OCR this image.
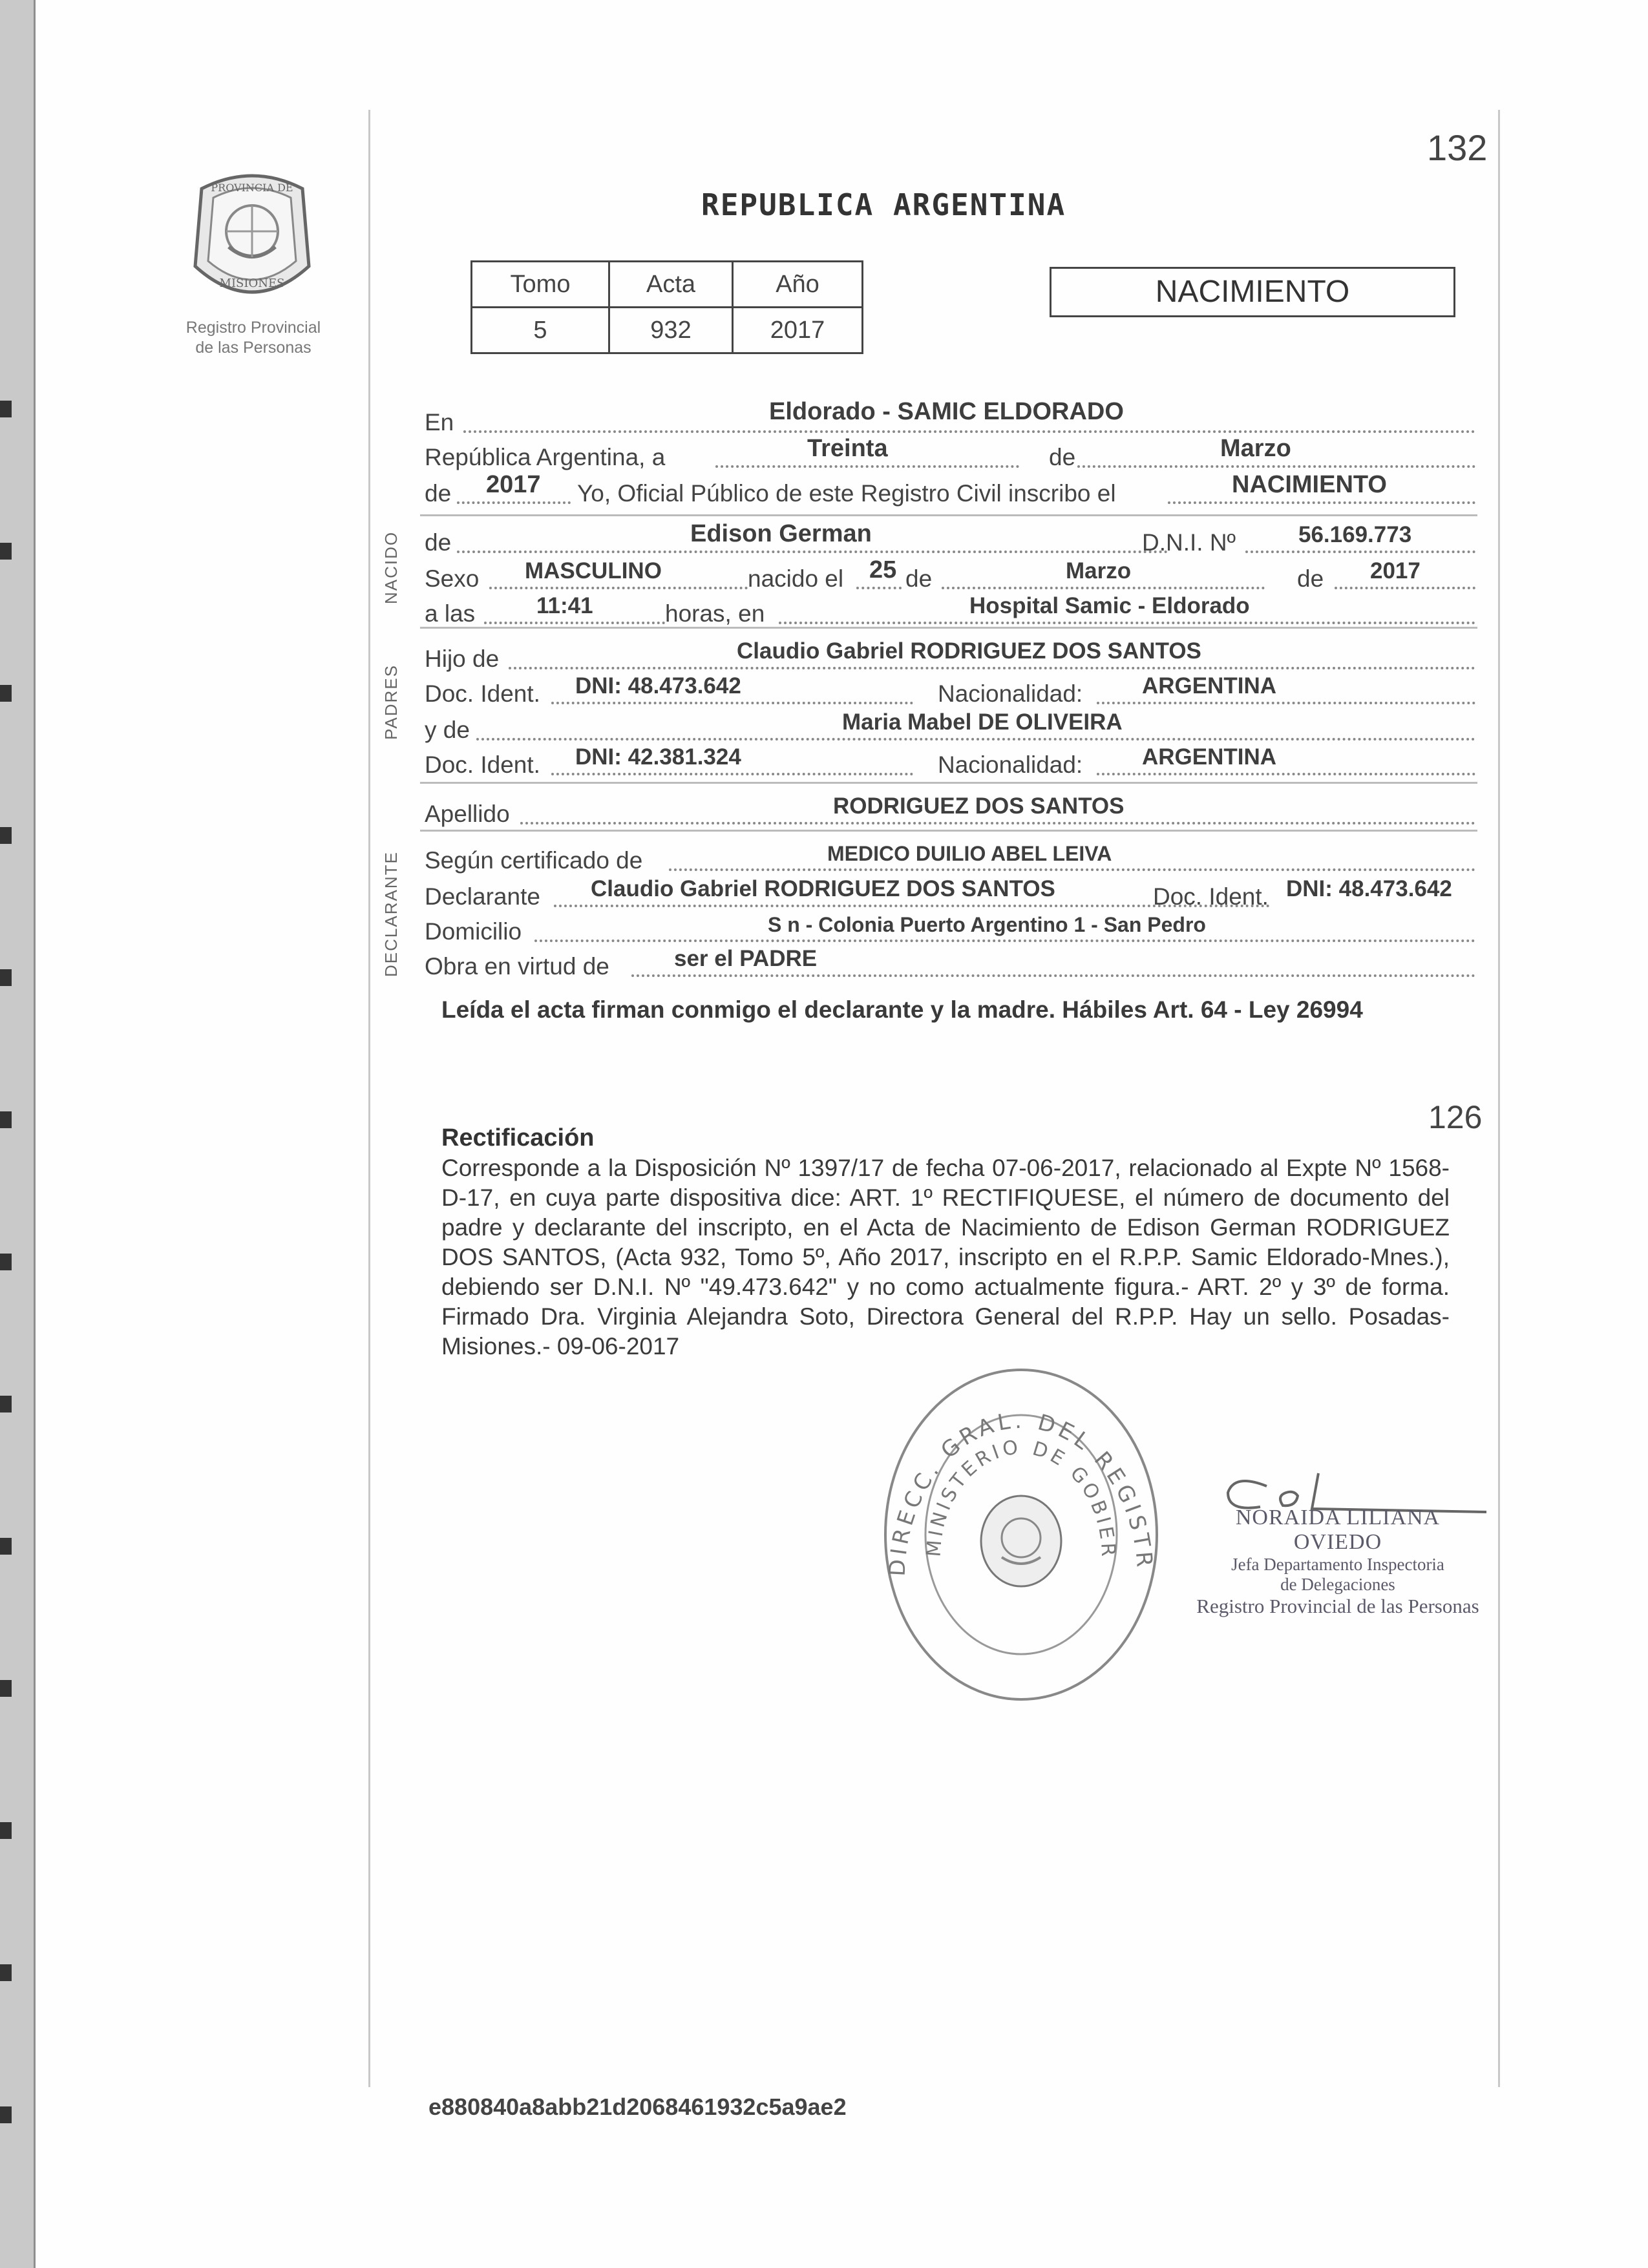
132
PROVINCIA DE
MISIONES
Registro Provincial
de las Personas
REPUBLICA ARGENTINA
Tomo	Acta	Año
5	932	2017
NACIMIENTO
En	Eldorado - SAMIC ELDORADO
República Argentina, a	Treinta	de	Marzo
de 2017 Yo, Oficial Público de este Registro Civil inscribo el	NACIMIENTO
NACIDO de	Edison German	D.N.I. Nº	56.169.773
Sexo MASCULINO	nacido el 25 de	Marzo	de 2017
a las	11:41	horas, en	Hospital Samic - Eldorado
PADRES
Hijo de	Claudio Gabriel RODRIGUEZ DOS SANTOS
Doc. Ident. DNI: 48.473.642	Nacionalidad:	ARGENTINA
y de	Maria Mabel DE OLIVEIRA
Doc. Ident. DNI: 42.381.324	Nacionalidad:	ARGENTINA
Apellido	RODRIGUEZ DOS SANTOS
DECLARANTE Según certificado de	MEDICO DUILIO ABEL LEIVA
Declarante Claudio Gabriel RODRIGUEZ DOS SANTOS	Doc. Ident. DNI: 48.473.642
Domicilio	S n - Colonia Puerto Argentino 1 - San Pedro
Obra en virtud de	ser el PADRE
Leída el acta firman conmigo el declarante y la madre. Hábiles Art. 64 - Ley 26994
126
Rectificación
Corresponde a la Disposición Nº 1397/17 de fecha 07-06-2017, relacionado al Expte Nº 1568-D-17, en cuya parte dispositiva dice: ART. 1º RECTIFIQUESE, el número de documento del padre y declarante del inscripto, en el Acta de Nacimiento de Edison German RODRIGUEZ DOS SANTOS, (Acta 932, Tomo 5º, Año 2017, inscripto en el R.P.P. Samic Eldorado-Mnes.), debiendo ser D.N.I. Nº "49.473.642" y no como actualmente figura.- ART. 2º y 3º de forma. Firmado Dra. Virginia Alejandra Soto, Directora General del R.P.P. Hay un sello. Posadas- Misiones.- 09-06-2017
DIRECC. GRAL. DEL REGISTR
MINISTERIO DE GOBIER
NORAIDA LILIANA OVIEDO
Jefa Departamento Inspectoria
de Delegaciones
Registro Provincial de las Personas
e880840a8abb21d2068461932c5a9ae2
